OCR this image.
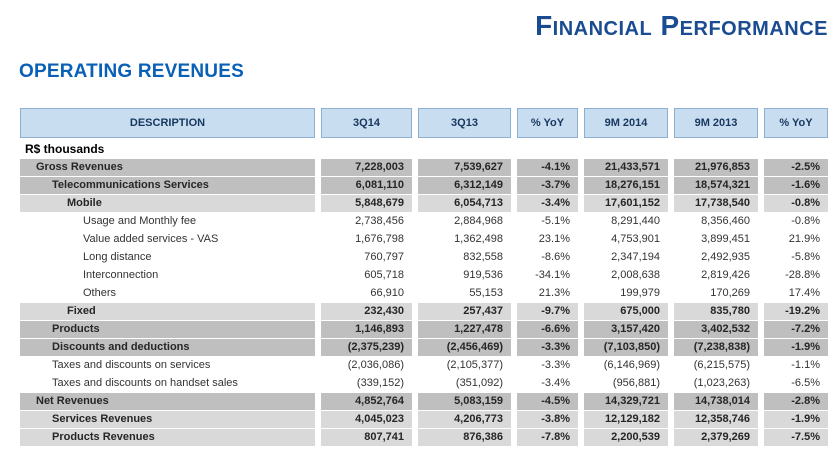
Financial Performance
OPERATING REVENUES
DESCRIPTION	3Q14	3Q13	% YoY	9M 2014	9M 2013	% YoY
R$ thousands
Gross Revenues	7,228,003	7,539,627	-4.1%	21,433,571	21,976,853	-2.5%
Telecommunications Services	6,081,110	6,312,149	-3.7%	18,276,151	18,574,321	-1.6%
Mobile	5,848,679	6,054,713	-3.4%	17,601,152	17,738,540	-0.8%
Usage and Monthly fee	2,738,456	2,884,968	-5.1%	8,291,440	8,356,460	-0.8%
Value added services - VAS	1,676,798	1,362,498	23.1%	4,753,901	3,899,451	21.9%
Long distance	760,797	832,558	-8.6%	2,347,194	2,492,935	-5.8%
Interconnection	605,718	919,536	-34.1%	2,008,638	2,819,426	-28.8%
Others	66,910	55,153	21.3%	199,979	170,269	17.4%
Fixed	232,430	257,437	-9.7%	675,000	835,780	-19.2%
Products	1,146,893	1,227,478	-6.6%	3,157,420	3,402,532	-7.2%
Discounts and deductions	(2,375,239)	(2,456,469)	-3.3%	(7,103,850)	(7,238,838)	-1.9%
Taxes and discounts on services	(2,036,086)	(2,105,377)	-3.3%	(6,146,969)	(6,215,575)	-1.1%
Taxes and discounts on handset sales	(339,152)	(351,092)	-3.4%	(956,881)	(1,023,263)	-6.5%
Net Revenues	4,852,764	5,083,159	-4.5%	14,329,721	14,738,014	-2.8%
Services Revenues	4,045,023	4,206,773	-3.8%	12,129,182	12,358,746	-1.9%
Products Revenues	807,741	876,386	-7.8%	2,200,539	2,379,269	-7.5%
